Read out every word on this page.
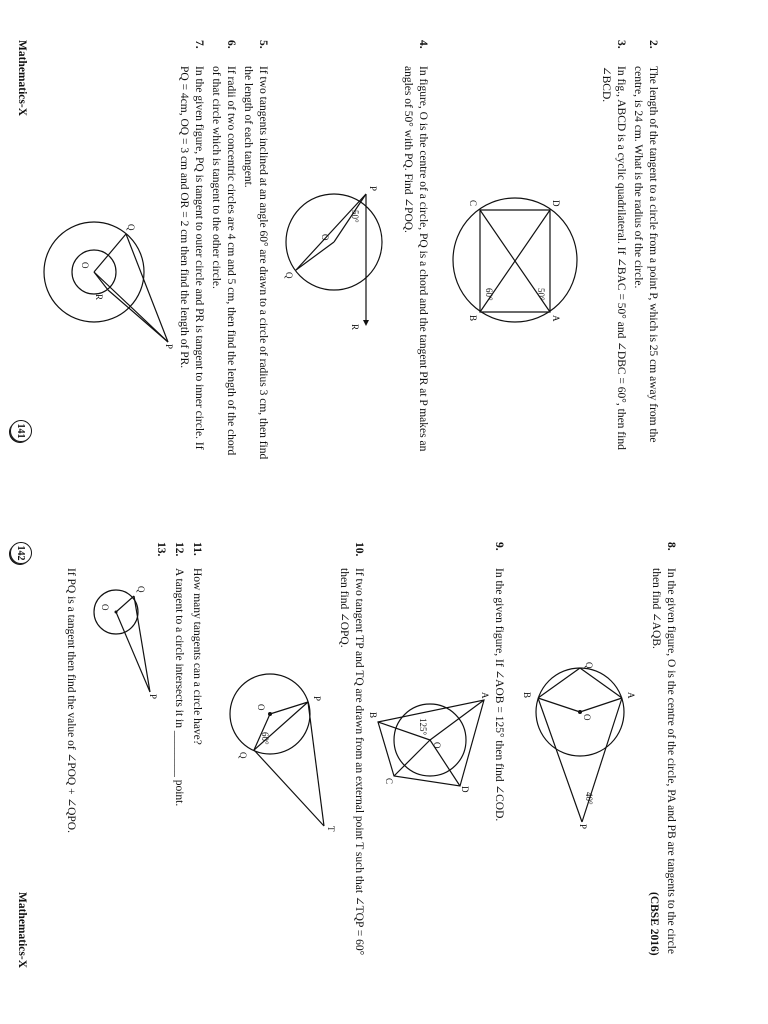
2.
The length of the tangent to a circle from a point P, which is 25 cm away from the centre, is 24 cm. What is the radius of the circle.
3.
In fig., ABCD is a cyclic quadrilateral. If ∠BAC = 50° and ∠DBC = 60°, then find ∠BCD.
D
A
B
C
50°
60°
4.
In figure, O is the centre of a circle, PQ is a chord and the tangent PR at P makes an angles of 50° with PQ. Find ∠POQ.
P
Q
R
O
50°
5.
If two tangents inclined at an angle 60° are drawn to a circle of radius 3 cm, then find the length of each tangent.
6.
If radii of two concentric circles are 4 cm and 5 cm, then find the length of the chord of that circle which is tangent to the other circle.
7.
In the given figure, PQ is tangent to outer circle and PR is tangent to inner circle. If PQ = 4cm, OQ = 3 cm and OR = 2 cm then find the length of PR.
Q
P
R
O
Mathematics-X
141
8.
In the given figure, O is the centre of the circle, PA and PB are tangents to the circle then find ∠AQB.
(CBSE 2016)
A
B
Q
P
O
40°
9.
In the given figure, If ∠AOB = 125° then find ∠COD.
A
D
C
B
O
125°
10.
If two tangent TP and TQ are drawn from an external point T such that ∠TQP = 60° then find ∠OPQ.
P
Q
T
O
60°
11.
How many tangents can a circle have?
12.
A tangent to a circle intersects it in ________ point.
13.
Q
P
O
If PQ is a tangent then find the value of ∠POQ + ∠QPO.
142
Mathematics-X
